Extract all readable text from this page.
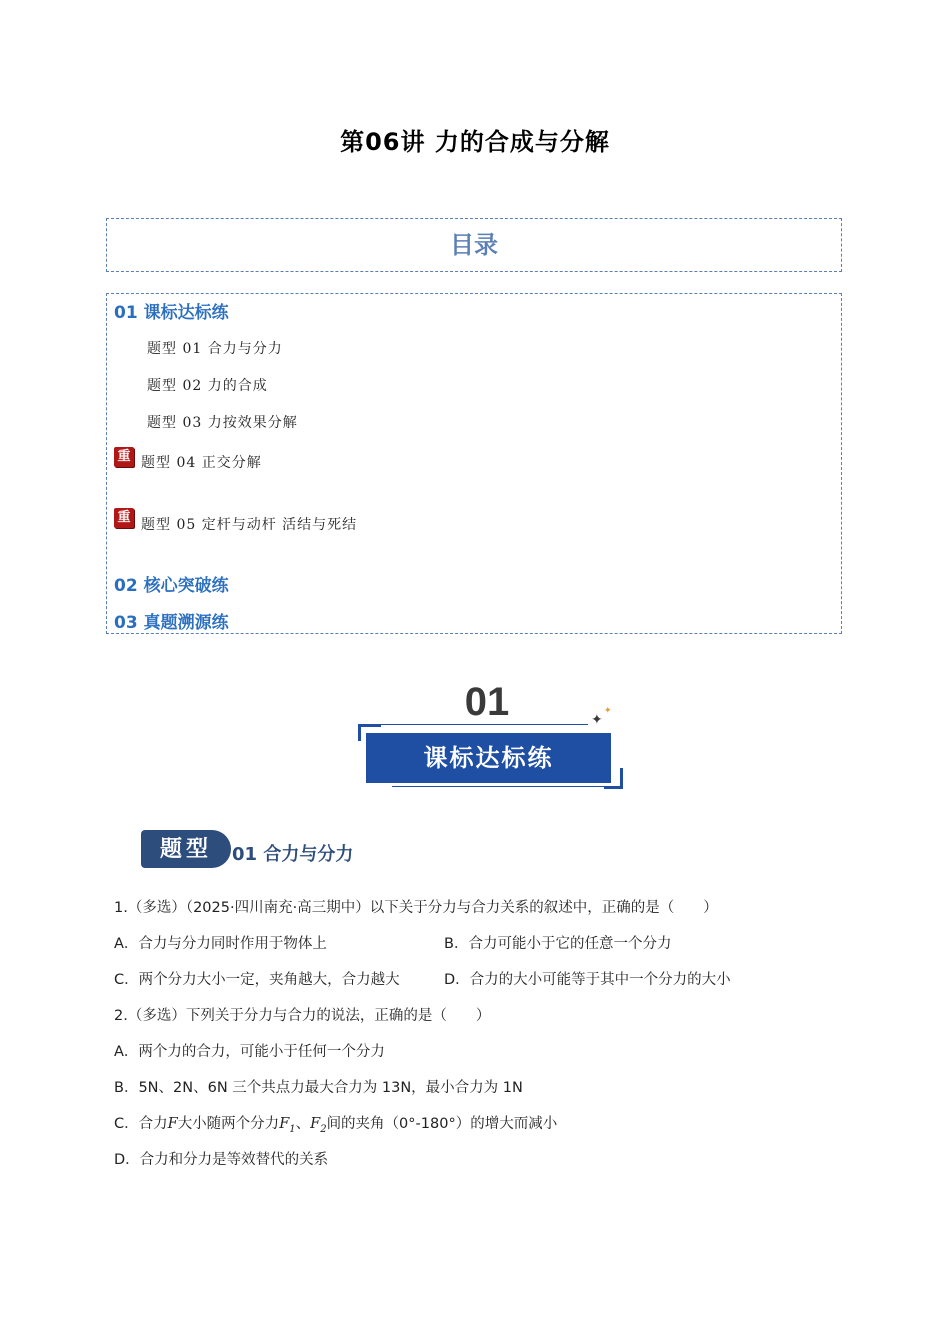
第06讲 力的合成与分解
目录
01 课标达标练
题型 01 合力与分力
题型 02 力的合成
题型 03 力按效果分解
重 题型 04 正交分解
重 题型 05 定杆与动杆 活结与死结
02 核心突破练
03 真题溯源练
01
课标达标练
✦
✦
题型	01 合力与分力
1.（多选）（2025·四川南充·高三期中）以下关于分力与合力关系的叙述中，正确的是（　　）
A．合力与分力同时作用于物体上	B．合力可能小于它的任意一个分力
C．两个分力大小一定，夹角越大，合力越大	D．合力的大小可能等于其中一个分力的大小
2.（多选）下列关于分力与合力的说法，正确的是（　　）
A．两个力的合力，可能小于任何一个分力
B．5N、2N、6N 三个共点力最大合力为 13N，最小合力为 1N
C．合力F大小随两个分力$F_1$、$F_2$间的夹角（0°-180°）的增大而减小
D．合力和分力是等效替代的关系
